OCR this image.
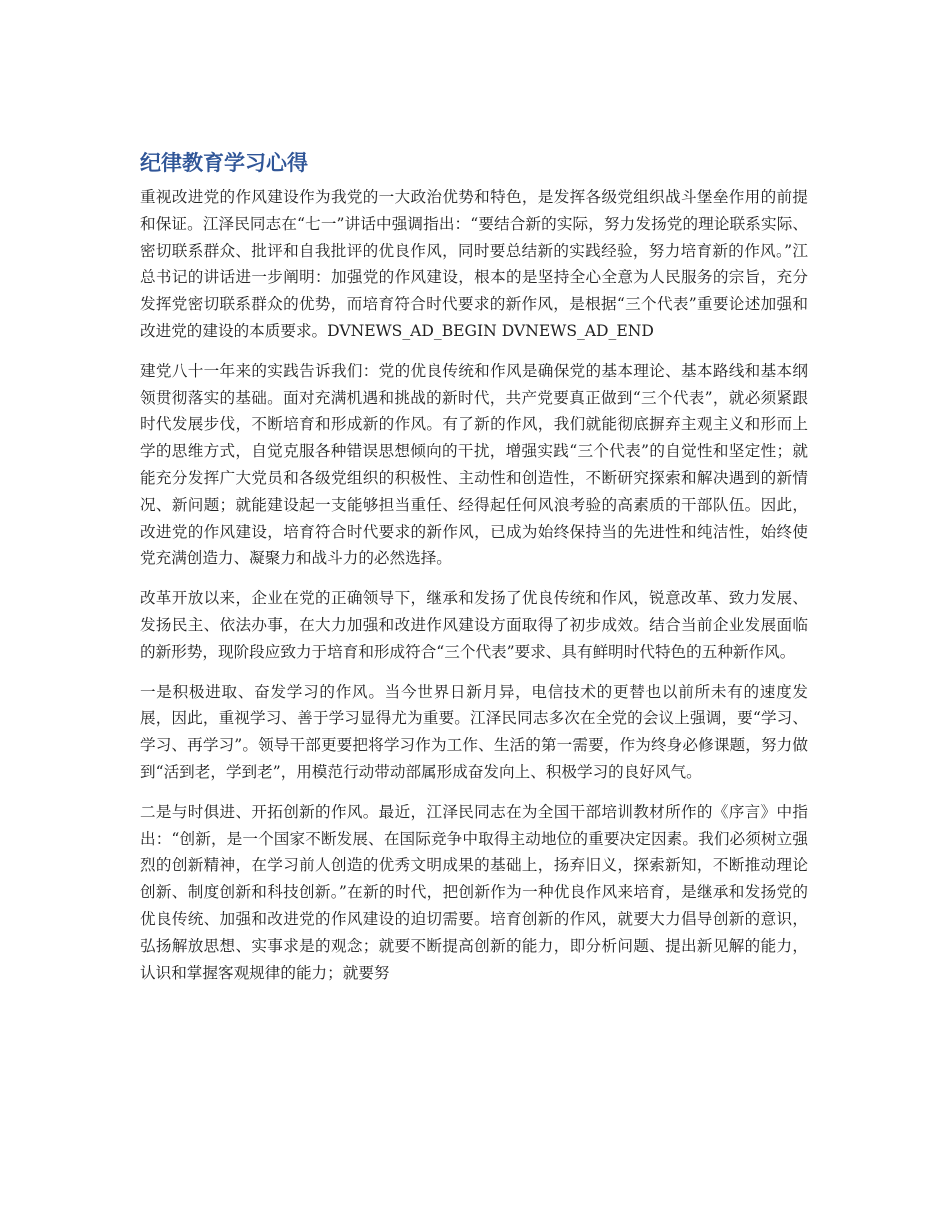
纪律教育学习心得

重视改进党的作风建设作为我党的一大政治优势和特色，是发挥各级党组织战斗堡垒作用的前提和保证。江泽民同志在“七一”讲话中强调指出：“要结合新的实际，努力发扬党的理论联系实际、密切联系群众、批评和自我批评的优良作风，同时要总结新的实践经验，努力培育新的作风。”江总书记的讲话进一步阐明：加强党的作风建设，根本的是坚持全心全意为人民服务的宗旨，充分发挥党密切联系群众的优势，而培育符合时代要求的新作风，是根据“三个代表”重要论述加强和改进党的建设的本质要求。DVNEWS_AD_BEGIN DVNEWS_AD_END

建党八十一年来的实践告诉我们：党的优良传统和作风是确保党的基本理论、基本路线和基本纲领贯彻落实的基础。面对充满机遇和挑战的新时代，共产党要真正做到“三个代表”，就必须紧跟时代发展步伐，不断培育和形成新的作风。有了新的作风，我们就能彻底摒弃主观主义和形而上学的思维方式，自觉克服各种错误思想倾向的干扰，增强实践“三个代表”的自觉性和坚定性；就能充分发挥广大党员和各级党组织的积极性、主动性和创造性，不断研究探索和解决遇到的新情况、新问题；就能建设起一支能够担当重任、经得起任何风浪考验的高素质的干部队伍。因此，改进党的作风建设，培育符合时代要求的新作风，已成为始终保持当的先进性和纯洁性，始终使党充满创造力、凝聚力和战斗力的必然选择。

改革开放以来，企业在党的正确领导下，继承和发扬了优良传统和作风，锐意改革、致力发展、发扬民主、依法办事，在大力加强和改进作风建设方面取得了初步成效。结合当前企业发展面临的新形势，现阶段应致力于培育和形成符合“三个代表”要求、具有鲜明时代特色的五种新作风。

一是积极进取、奋发学习的作风。当今世界日新月异，电信技术的更替也以前所未有的速度发展，因此，重视学习、善于学习显得尤为重要。江泽民同志多次在全党的会议上强调，要“学习、学习、再学习”。领导干部更要把将学习作为工作、生活的第一需要，作为终身必修课题，努力做到“活到老，学到老”，用模范行动带动部属形成奋发向上、积极学习的良好风气。

二是与时俱进、开拓创新的作风。最近，江泽民同志在为全国干部培训教材所作的《序言》中指出：“创新，是一个国家不断发展、在国际竞争中取得主动地位的重要决定因素。我们必须树立强烈的创新精神，在学习前人创造的优秀文明成果的基础上，扬弃旧义，探索新知，不断推动理论创新、制度创新和科技创新。”在新的时代，把创新作为一种优良作风来培育，是继承和发扬党的优良传统、加强和改进党的作风建设的迫切需要。培育创新的作风，就要大力倡导创新的意识，弘扬解放思想、实事求是的观念；就要不断提高创新的能力，即分析问题、提出新见解的能力，认识和掌握客观规律的能力；就要努
